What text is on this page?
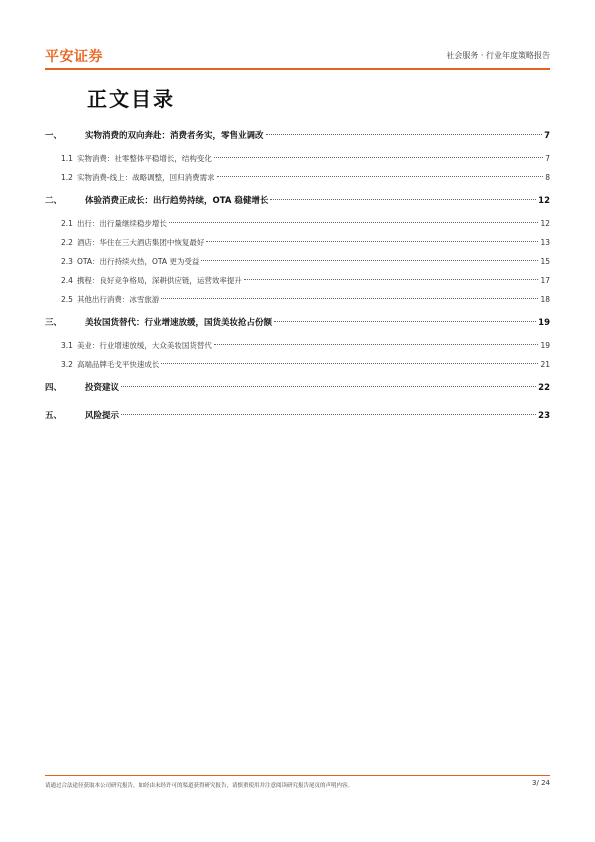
平安证券	社会服务 · 行业年度策略报告
正文目录
一、	实物消费的双向奔赴：消费者务实，零售业调改	7
1.1 实物消费：社零整体平稳增长，结构变化	7
1.2 实物消费-线上：战略调整，回归消费需求	8
二、	体验消费正成长：出行趋势持续，OTA 稳健增长	12
2.1 出行：出行量继续稳步增长	12
2.2 酒店：华住在三大酒店集团中恢复最好	13
2.3 OTA：出行持续火热，OTA 更为受益	15
2.4 携程：良好竞争格局，深耕供应链，运营效率提升	17
2.5 其他出行消费：冰雪旅游	18
三、	美妆国货替代：行业增速放缓，国货美妆抢占份额	19
3.1 美业：行业增速放缓，大众美妆国货替代	19
3.2 高端品牌毛戈平快速成长	21
四、	投资建议	22
五、	风险提示	23
请通过合法途径获取本公司研究报告，如经由未经许可的渠道获得研究报告，请慎重使用并注意阅读研究报告尾页的声明内容。	3/ 24
